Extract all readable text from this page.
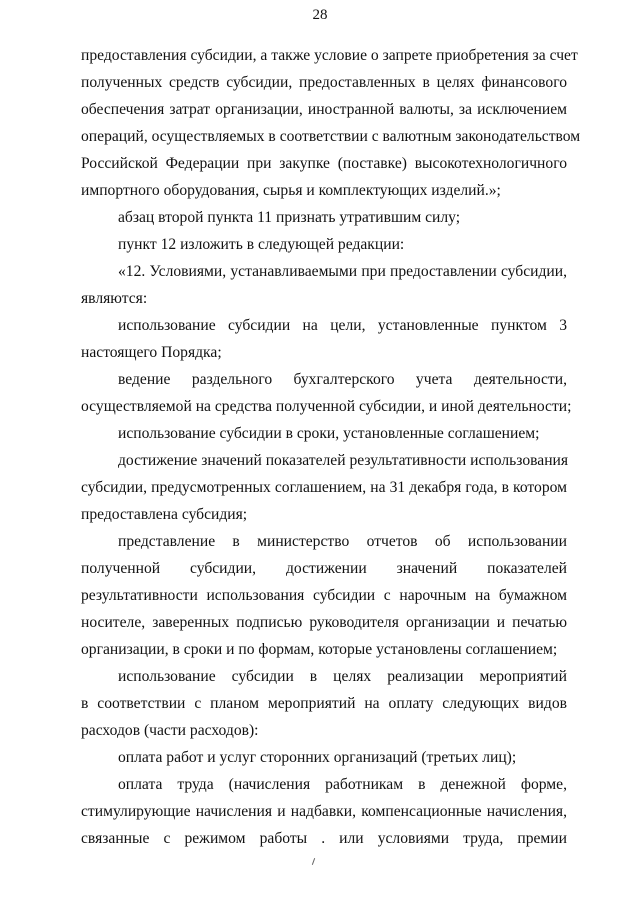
28
предоставления субсидии, а также условие о запрете приобретения за счет
полученных средств субсидии, предоставленных в целях финансового
обеспечения затрат организации, иностранной валюты, за исключением
операций, осуществляемых в соответствии с валютным законодательством
Российской Федерации при закупке (поставке) высокотехнологичного
импортного оборудования, сырья и комплектующих изделий.»;
абзац второй пункта 11 признать утратившим силу;
пункт 12 изложить в следующей редакции:
«12. Условиями, устанавливаемыми при предоставлении субсидии,
являются:
использование субсидии на цели, установленные пунктом 3
настоящего Порядка;
ведение раздельного бухгалтерского учета деятельности,
осуществляемой на средства полученной субсидии, и иной деятельности;
использование субсидии в сроки, установленные соглашением;
достижение значений показателей результативности использования
субсидии, предусмотренных соглашением, на 31 декабря года, в котором
предоставлена субсидия;
представление в министерство отчетов об использовании
полученной субсидии, достижении значений показателей
результативности использования субсидии с нарочным на бумажном
носителе, заверенных подписью руководителя организации и печатью
организации, в сроки и по формам, которые установлены соглашением;
использование субсидии в целях реализации мероприятий
в соответствии с планом мероприятий на оплату следующих видов
расходов (части расходов):
оплата работ и услуг сторонних организаций (третьих лиц);
оплата труда (начисления работникам в денежной форме,
стимулирующие начисления и надбавки, компенсационные начисления,
связанные с режимом работы . или условиями труда, премии
